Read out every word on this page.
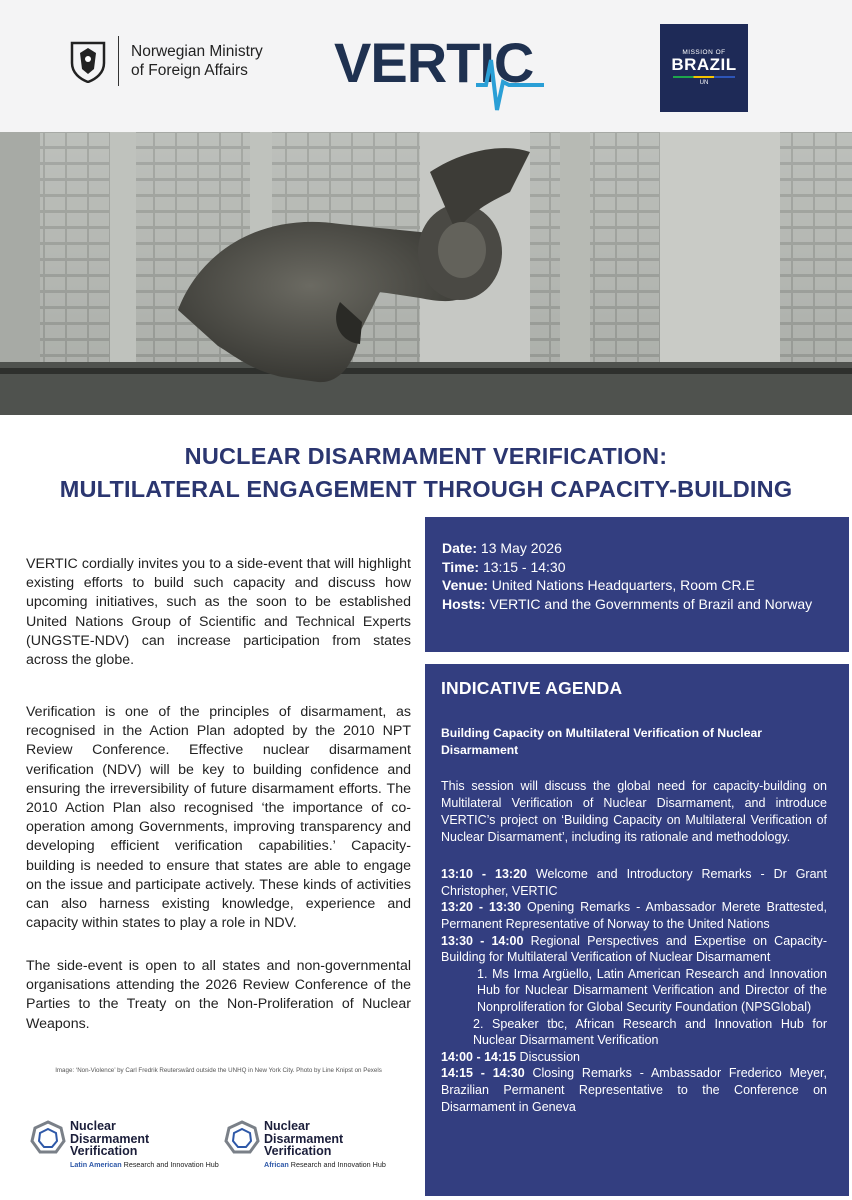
Norwegian Ministry
of Foreign Affairs VERTIC	MISSION OF
BRAZIL
UN
NUCLEAR DISARMAMENT VERIFICATION:
MULTILATERAL ENGAGEMENT THROUGH CAPACITY-BUILDING

VERTIC cordially invites you to a side-event that will highlight existing efforts to build such capacity and discuss how upcoming initiatives, such as the soon to be established United Nations Group of Scientific and Technical Experts (UNGSTE-NDV) can increase participation from states across the globe.

Verification is one of the principles of disarmament, as recognised in the Action Plan adopted by the 2010 NPT Review Conference. Effective nuclear disarmament verification (NDV) will be key to building confidence and ensuring the irreversibility of future disarmament efforts. The 2010 Action Plan also recognised ‘the importance of co-operation among Governments, improving transparency and developing efficient verification capabilities.’ Capacity-building is needed to ensure that states are able to engage on the issue and participate actively. These kinds of activities can also harness existing knowledge, experience and capacity within states to play a role in NDV.

The side-event is open to all states and non-governmental organisations attending the 2026 Review Conference of the Parties to the Treaty on the Non-Proliferation of Nuclear Weapons.

Image: ‘Non-Violence’ by Carl Fredrik Reuterswärd outside the UNHQ in New York City. Photo by Line Knipst on Pexels

Nuclear
Disarmament
Verification
Latin American Research and Innovation Hub
Nuclear
Disarmament
Verification
African Research and Innovation Hub
Date: 13 May 2026
Time: 13:15 - 14:30
Venue: United Nations Headquarters, Room CR.E
Hosts: VERTIC and the Governments of Brazil and Norway
INDICATIVE AGENDA
Building Capacity on Multilateral Verification of Nuclear Disarmament
This session will discuss the global need for capacity-building on Multilateral Verification of Nuclear Disarmament, and introduce VERTIC’s project on ‘Building Capacity on Multilateral Verification of Nuclear Disarmament’, including its rationale and methodology.
13:10 - 13:20 Welcome and Introductory Remarks - Dr Grant Christopher, VERTIC
13:20 - 13:30 Opening Remarks - Ambassador Merete Brattested, Permanent Representative of Norway to the United Nations
13:30 - 14:00 Regional Perspectives and Expertise on Capacity-Building for Multilateral Verification of Nuclear Disarmament
1. Ms Irma Argüello, Latin American Research and Innovation Hub for Nuclear Disarmament Verification and Director of the Nonproliferation for Global Security Foundation (NPSGlobal)
2. Speaker tbc, African Research and Innovation Hub for Nuclear Disarmament Verification
14:00 - 14:15 Discussion
14:15 - 14:30 Closing Remarks - Ambassador Frederico Meyer, Brazilian Permanent Representative to the Conference on Disarmament in Geneva
